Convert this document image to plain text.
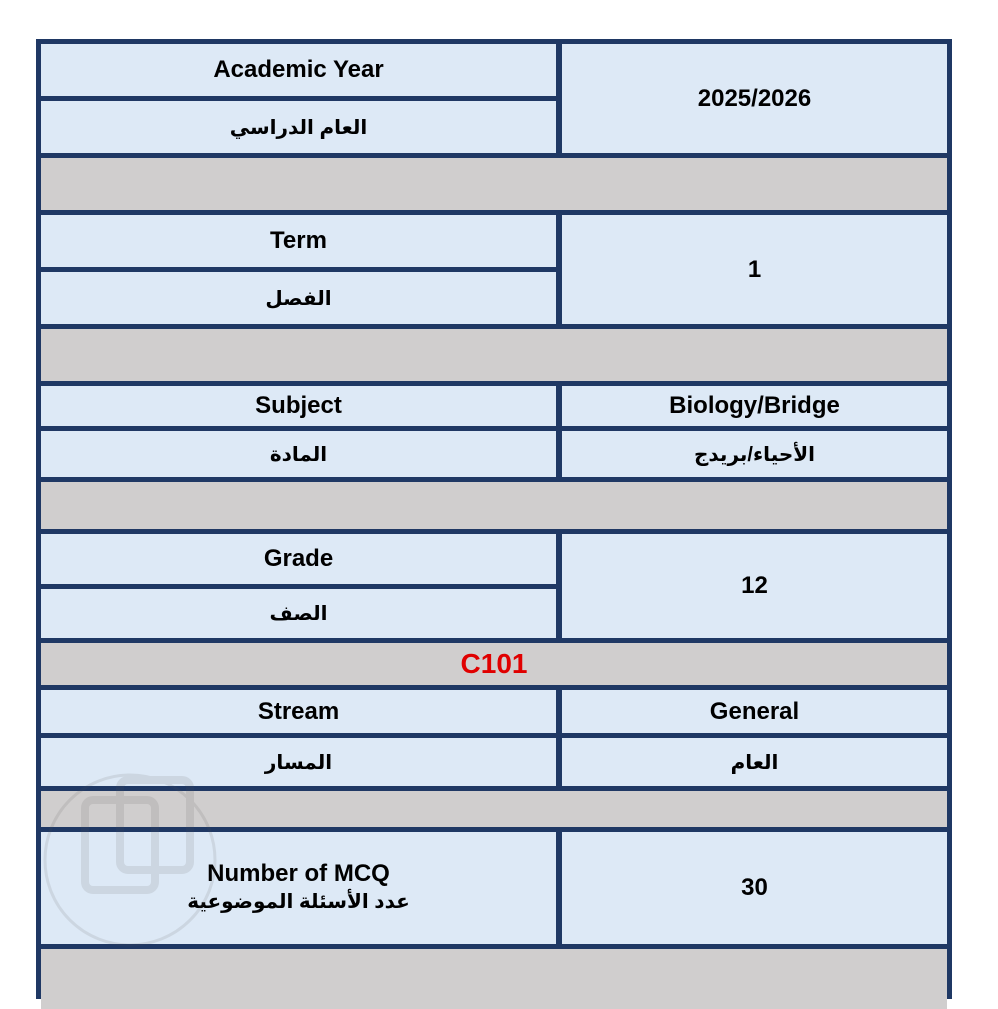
Academic Year
العام الدراسي
2025/2026
Term
الفصل
1
Subject	Biology/Bridge
المادة	الأحياء/بريدج
Grade
الصف
12
C101
Stream	General
المسار	العام
Number of MCQ
عدد الأسئلة الموضوعية
30
